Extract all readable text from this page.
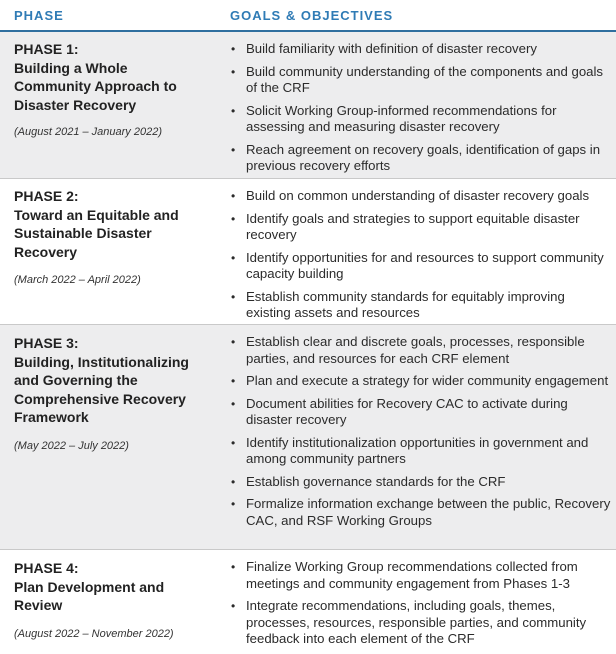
PHASE	GOALS & OBJECTIVES
PHASE 1:
Building a Whole
Community Approach to
Disaster Recovery
(August 2021 – January 2022)
• Build familiarity with definition of disaster recovery
• Build community understanding of the components and goals of the CRF
• Solicit Working Group-informed recommendations for assessing and measuring disaster recovery
• Reach agreement on recovery goals, identification of gaps in previous recovery efforts
PHASE 2:
Toward an Equitable and
Sustainable Disaster
Recovery
(March 2022 – April 2022)
• Build on common understanding of disaster recovery goals
• Identify goals and strategies to support equitable disaster recovery
• Identify opportunities for and resources to support community capacity building
• Establish community standards for equitably improving existing assets and resources
PHASE 3:
Building, Institutionalizing
and Governing the
Comprehensive Recovery
Framework
(May 2022 – July 2022)
• Establish clear and discrete goals, processes, responsible parties, and resources for each CRF element
• Plan and execute a strategy for wider community engagement
• Document abilities for Recovery CAC to activate during disaster recovery
• Identify institutionalization opportunities in government and among community partners
• Establish governance standards for the CRF
• Formalize information exchange between the public, Recovery CAC, and RSF Working Groups
PHASE 4:
Plan Development and
Review
(August 2022 – November 2022)
• Finalize Working Group recommendations collected from meetings and community engagement from Phases 1-3
• Integrate recommendations, including goals, themes, processes, resources, responsible parties, and community feedback into each element of the CRF
